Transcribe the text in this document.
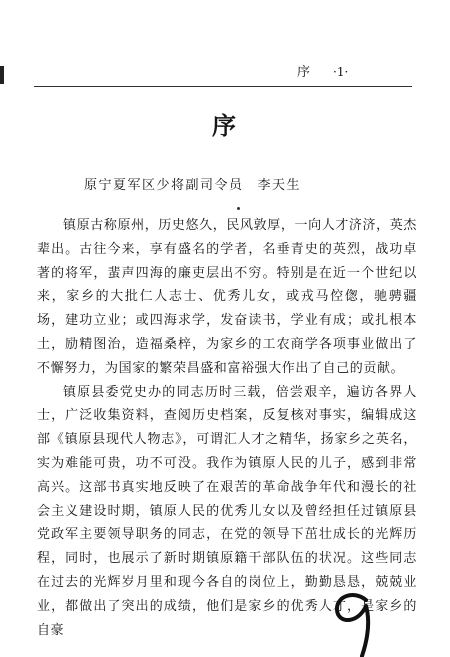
序 ·1·
序
原宁夏军区少将副司令员 李天生

镇原古称原州，历史悠久，民风敦厚，一向人才济济，英杰辈出。古往今来，享有盛名的学者，名垂青史的英烈，战功卓著的将军，蜚声四海的廉吏层出不穷。特别是在近一个世纪以来，家乡的大批仁人志士、优秀儿女，或戎马倥偬，驰骋疆场，建功立业；或四海求学，发奋读书，学业有成；或扎根本土，励精图治，造福桑梓，为家乡的工农商学各项事业做出了不懈努力，为国家的繁荣昌盛和富裕强大作出了自己的贡献。

镇原县委党史办的同志历时三载，倍尝艰辛，遍访各界人士，广泛收集资料，查阅历史档案，反复核对事实，编辑成这部《镇原县现代人物志》，可谓汇人才之精华，扬家乡之英名，实为难能可贵，功不可没。我作为镇原人民的儿子，感到非常高兴。这部书真实地反映了在艰苦的革命战争年代和漫长的社会主义建设时期，镇原人民的优秀儿女以及曾经担任过镇原县党政军主要领导职务的同志，在党的领导下茁壮成长的光辉历程，同时，也展示了新时期镇原籍干部队伍的状况。这些同志在过去的光辉岁月里和现今各自的岗位上，勤勤恳恳，兢兢业业，都做出了突出的成绩，他们是家乡的优秀人才，是家乡的自豪
